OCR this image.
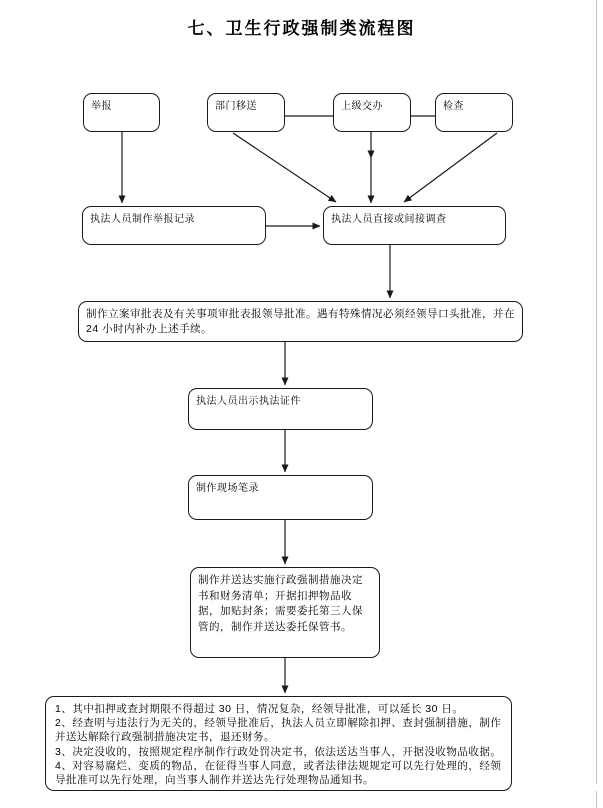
七、卫生行政强制类流程图
举报	部门移送	上级交办	检查
执法人员制作举报记录	执法人员直接或间接调查
制作立案审批表及有关事项审批表报领导批准。遇有特殊情况必须经领导口头批准，并在 24 小时内补办上述手续。
执法人员出示执法证件
制作现场笔录
制作并送达实施行政强制措施决定书和财务清单；开据扣押物品收据，加贴封条；需要委托第三人保管的，制作并送达委托保管书。

1、其中扣押或查封期限不得超过 30 日，情况复杂，经领导批准，可以延长 30 日。

2、经查明与违法行为无关的，经领导批准后，执法人员立即解除扣押、查封强制措施，制作并送达解除行政强制措施决定书，退还财务。

3、决定没收的，按照规定程序制作行政处罚决定书，依法送达当事人，开据没收物品收据。

4、对容易腐烂、变质的物品，在征得当事人同意，或者法律法规规定可以先行处理的，经领导批准可以先行处理，向当事人制作并送达先行处理物品通知书。
